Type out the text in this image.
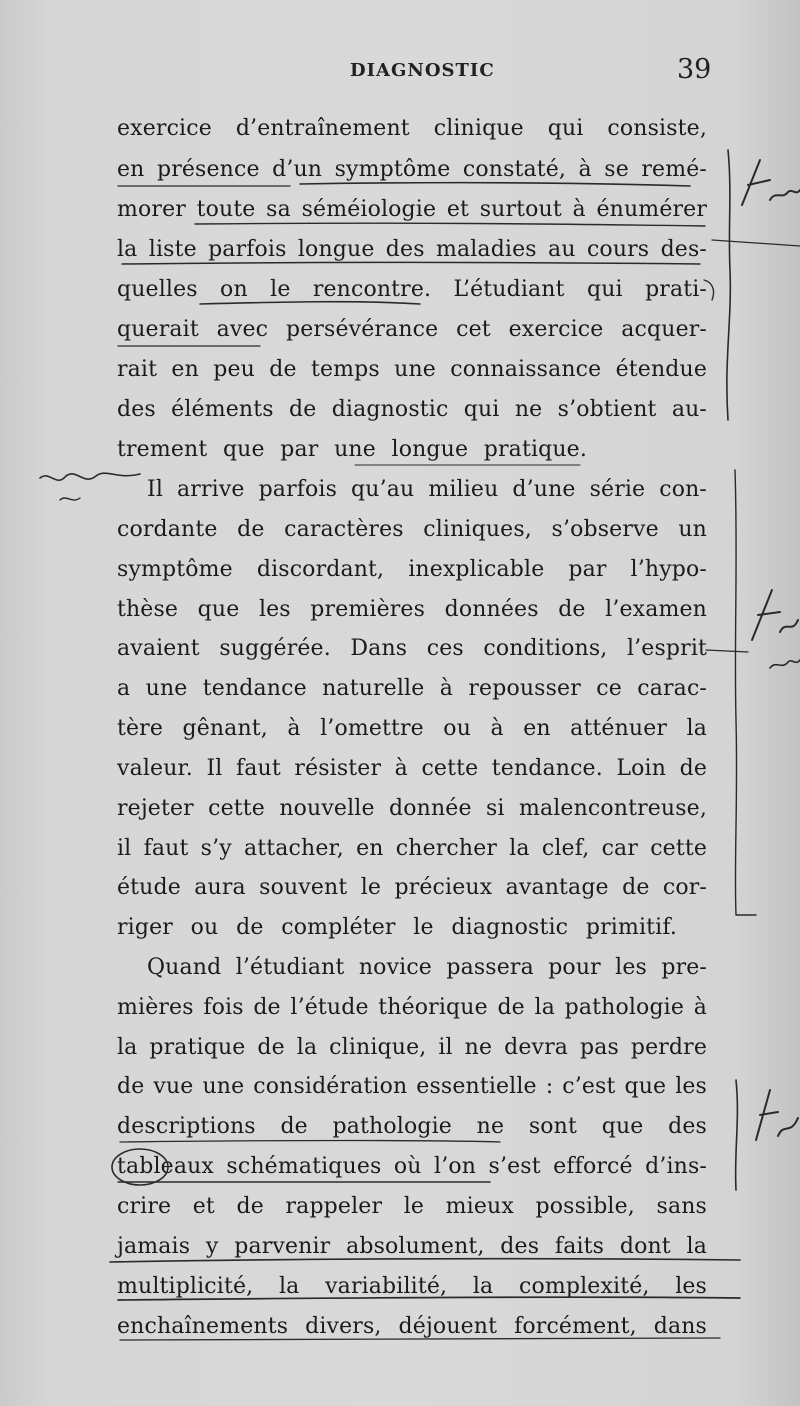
DIAGNOSTIC	39
exercice d’entraînement clinique qui consiste,
en présence d’un symptôme constaté, à se remé-
morer toute sa séméiologie et surtout à énumérer
la liste parfois longue des maladies au cours des-
quelles on le rencontre. L’étudiant qui prati-
querait avec persévérance cet exercice acquer-
rait en peu de temps une connaissance étendue
des éléments de diagnostic qui ne s’obtient au-
trement que par une longue pratique.
Il arrive parfois qu’au milieu d’une série con-
cordante de caractères cliniques, s’observe un
symptôme discordant, inexplicable par l’hypo-
thèse que les premières données de l’examen
avaient suggérée. Dans ces conditions, l’esprit
a une tendance naturelle à repousser ce carac-
tère gênant, à l’omettre ou à en atténuer la
valeur. Il faut résister à cette tendance. Loin de
rejeter cette nouvelle donnée si malencontreuse,
il faut s’y attacher, en chercher la clef, car cette
étude aura souvent le précieux avantage de cor-
riger ou de compléter le diagnostic primitif.
Quand l’étudiant novice passera pour les pre-
mières fois de l’étude théorique de la pathologie à
la pratique de la clinique, il ne devra pas perdre
de vue une considération essentielle : c’est que les
descriptions de pathologie ne sont que des
tableaux schématiques où l’on s’est efforcé d’ins-
crire et de rappeler le mieux possible, sans
jamais y parvenir absolument, des faits dont la
multiplicité, la variabilité, la complexité, les
enchaînements divers, déjouent forcément, dans
